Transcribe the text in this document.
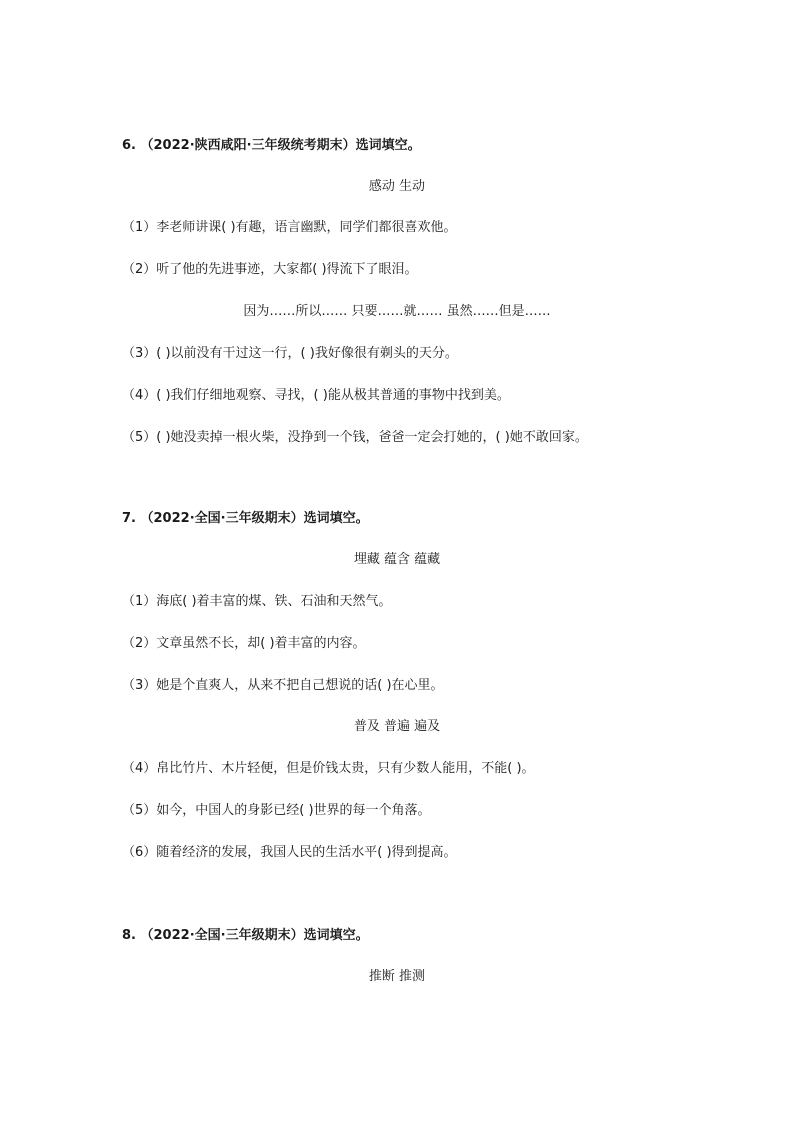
6. （2022·陕西咸阳·三年级统考期末）选词填空。
感动 生动
（1）李老师讲课( )有趣，语言幽默，同学们都很喜欢他。
（2）听了他的先进事迹，大家都( )得流下了眼泪。
因为……所以…… 只要……就…… 虽然……但是……
（3）( )以前没有干过这一行，( )我好像很有剃头的天分。
（4）( )我们仔细地观察、寻找，( )能从极其普通的事物中找到美。
（5）( )她没卖掉一根火柴，没挣到一个钱，爸爸一定会打她的，( )她不敢回家。
7. （2022·全国·三年级期末）选词填空。
埋藏 蕴含 蕴藏
（1）海底( )着丰富的煤、铁、石油和天然气。
（2）文章虽然不长，却( )着丰富的内容。
（3）她是个直爽人，从来不把自己想说的话( )在心里。
普及 普遍 遍及
（4）帛比竹片、木片轻便，但是价钱太贵，只有少数人能用，不能( )。
（5）如今，中国人的身影已经( )世界的每一个角落。
（6）随着经济的发展，我国人民的生活水平( )得到提高。
8. （2022·全国·三年级期末）选词填空。
推断 推测
